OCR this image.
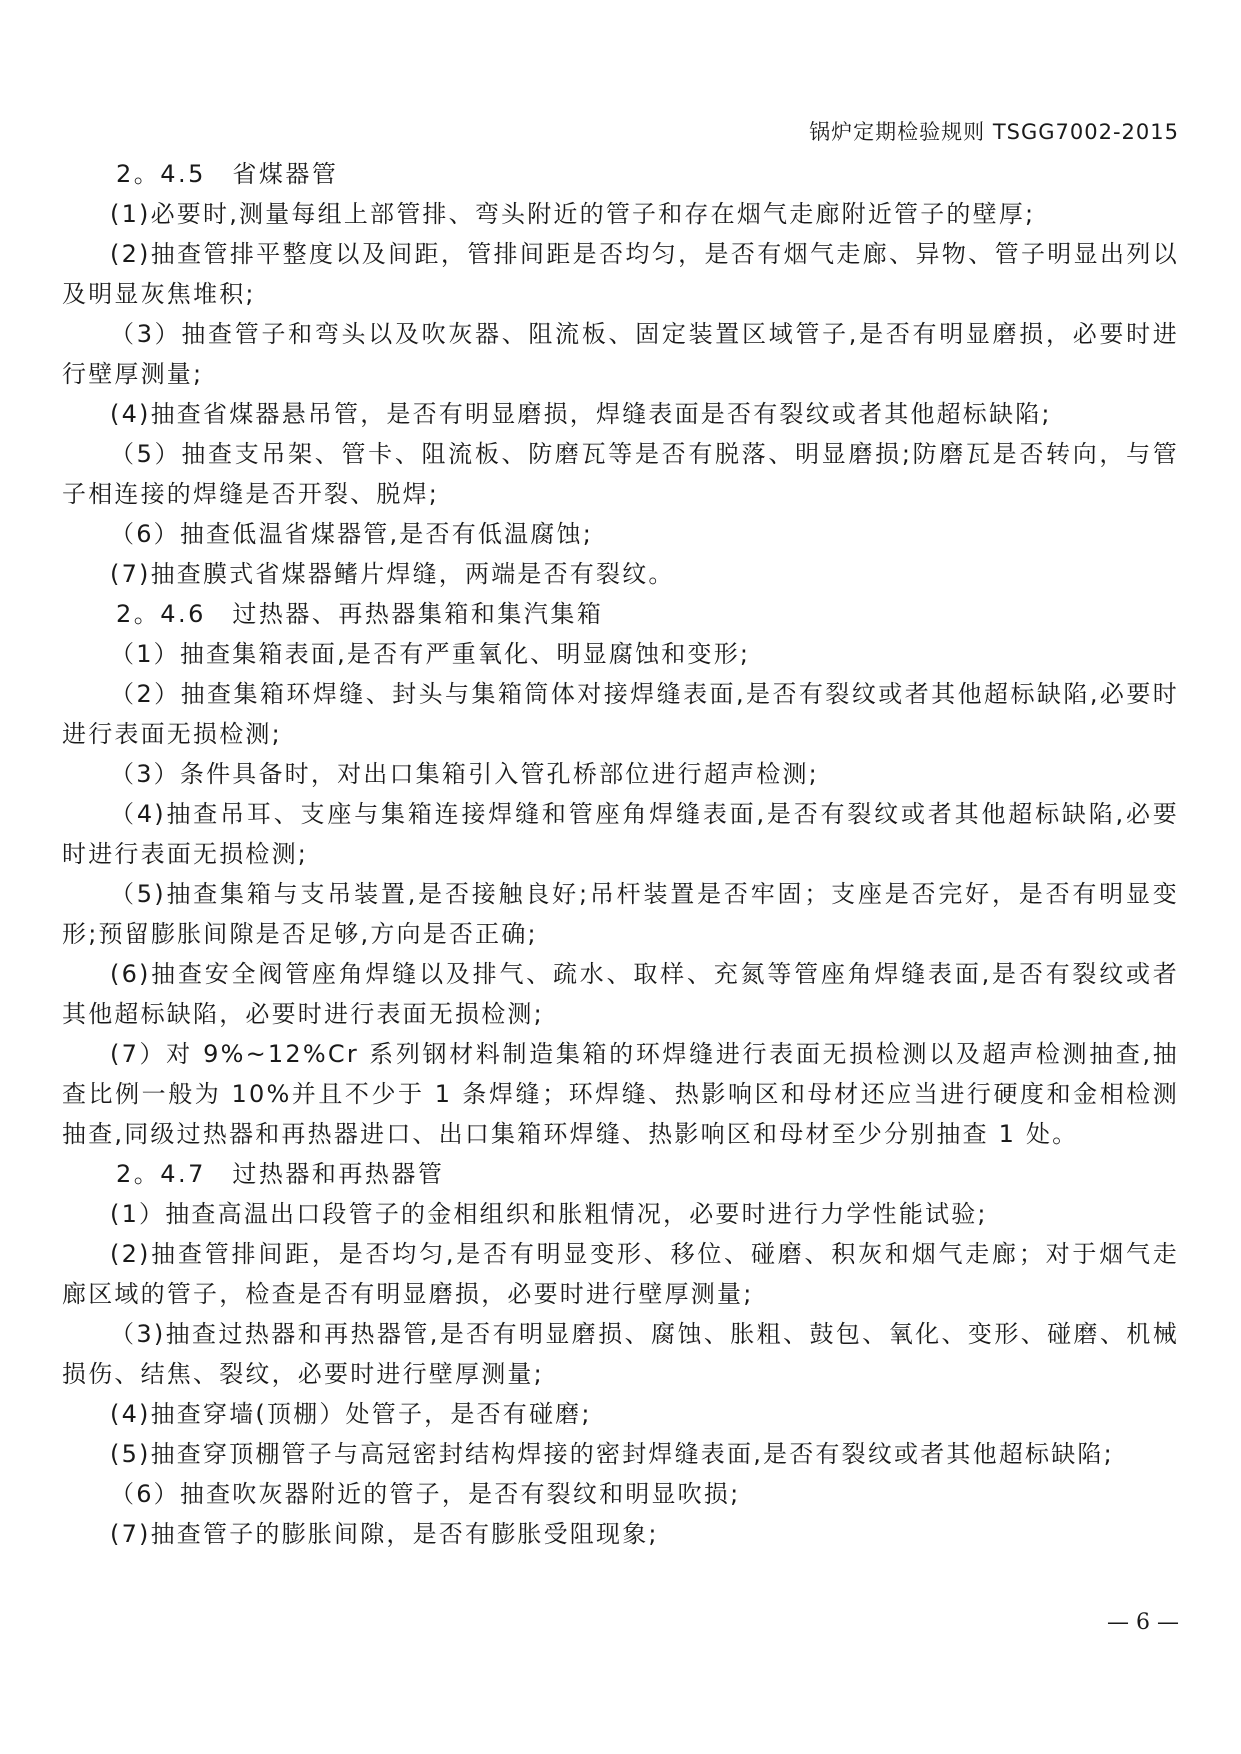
锅炉定期检验规则 TSGG7002-2015

2。4.5　省煤器管

(1)必要时,测量每组上部管排、弯头附近的管子和存在烟气走廊附近管子的壁厚;

(2)抽查管排平整度以及间距，管排间距是否均匀，是否有烟气走廊、异物、管子明显出列以及明显灰焦堆积;

（3）抽查管子和弯头以及吹灰器、阻流板、固定装置区域管子,是否有明显磨损，必要时进行壁厚测量;

(4)抽查省煤器悬吊管，是否有明显磨损，焊缝表面是否有裂纹或者其他超标缺陷;

（5）抽查支吊架、管卡、阻流板、防磨瓦等是否有脱落、明显磨损;防磨瓦是否转向，与管子相连接的焊缝是否开裂、脱焊;

（6）抽查低温省煤器管,是否有低温腐蚀;

(7)抽查膜式省煤器鳍片焊缝，两端是否有裂纹。

2。4.6　过热器、再热器集箱和集汽集箱

（1）抽查集箱表面,是否有严重氧化、明显腐蚀和变形;

（2）抽查集箱环焊缝、封头与集箱筒体对接焊缝表面,是否有裂纹或者其他超标缺陷,必要时进行表面无损检测;

（3）条件具备时，对出口集箱引入管孔桥部位进行超声检测;

（4)抽查吊耳、支座与集箱连接焊缝和管座角焊缝表面,是否有裂纹或者其他超标缺陷,必要时进行表面无损检测;

（5)抽查集箱与支吊装置,是否接触良好;吊杆装置是否牢固；支座是否完好，是否有明显变形;预留膨胀间隙是否足够,方向是否正确;

(6)抽查安全阀管座角焊缝以及排气、疏水、取样、充氮等管座角焊缝表面,是否有裂纹或者其他超标缺陷，必要时进行表面无损检测;

(7）对 9%~12%Cr 系列钢材料制造集箱的环焊缝进行表面无损检测以及超声检测抽查,抽查比例一般为 10%并且不少于 1 条焊缝；环焊缝、热影响区和母材还应当进行硬度和金相检测抽查,同级过热器和再热器进口、出口集箱环焊缝、热影响区和母材至少分别抽查 1 处。

2。4.7　过热器和再热器管

(1）抽查高温出口段管子的金相组织和胀粗情况，必要时进行力学性能试验;

(2)抽查管排间距，是否均匀,是否有明显变形、移位、碰磨、积灰和烟气走廊；对于烟气走廊区域的管子，检查是否有明显磨损，必要时进行壁厚测量;

（3)抽查过热器和再热器管,是否有明显磨损、腐蚀、胀粗、鼓包、氧化、变形、碰磨、机械损伤、结焦、裂纹，必要时进行壁厚测量;

(4)抽查穿墙(顶棚）处管子，是否有碰磨;

(5)抽查穿顶棚管子与高冠密封结构焊接的密封焊缝表面,是否有裂纹或者其他超标缺陷;

（6）抽查吹灰器附近的管子，是否有裂纹和明显吹损;

(7)抽查管子的膨胀间隙，是否有膨胀受阻现象;

— 6 —
